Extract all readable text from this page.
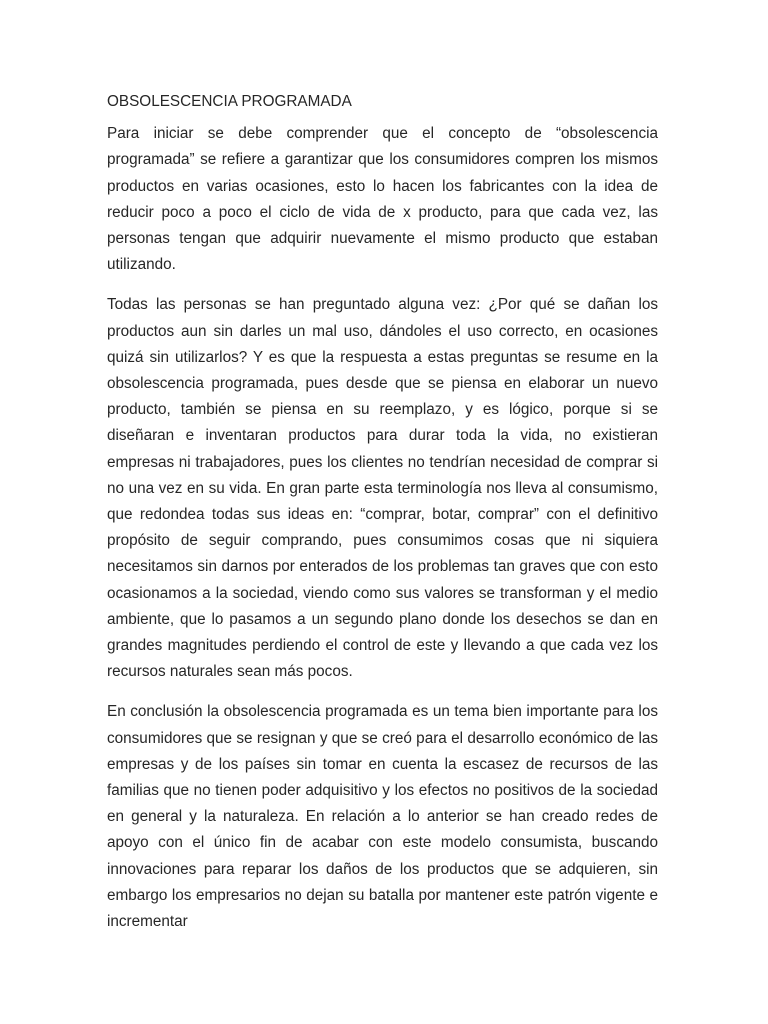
OBSOLESCENCIA PROGRAMADA

Para iniciar se debe comprender que el concepto de “obsolescencia programada” se refiere a garantizar que los consumidores compren los mismos productos en varias ocasiones, esto lo hacen los fabricantes con la idea de reducir poco a poco el ciclo de vida de x producto, para que cada vez, las personas tengan que adquirir nuevamente el mismo producto que estaban utilizando.

Todas las personas se han preguntado alguna vez: ¿Por qué se dañan los productos aun sin darles un mal uso, dándoles el uso correcto, en ocasiones quizá sin utilizarlos? Y es que la respuesta a estas preguntas se resume en la obsolescencia programada, pues desde que se piensa en elaborar un nuevo producto, también se piensa en su reemplazo, y es lógico, porque si se diseñaran e inventaran productos para durar toda la vida, no existieran empresas ni trabajadores, pues los clientes no tendrían necesidad de comprar si no una vez en su vida. En gran parte esta terminología nos lleva al consumismo, que redondea todas sus ideas en: “comprar, botar, comprar” con el definitivo propósito de seguir comprando, pues consumimos cosas que ni siquiera necesitamos sin darnos por enterados de los problemas tan graves que con esto ocasionamos a la sociedad, viendo como sus valores se transforman y el medio ambiente, que lo pasamos a un segundo plano donde los desechos se dan en grandes magnitudes perdiendo el control de este y llevando a que cada vez los recursos naturales sean más pocos.

En conclusión la obsolescencia programada es un tema bien importante para los consumidores que se resignan y que se creó para el desarrollo económico de las empresas y de los países sin tomar en cuenta la escasez de recursos de las familias que no tienen poder adquisitivo y los efectos no positivos de la sociedad en general y la naturaleza. En relación a lo anterior se han creado redes de apoyo con el único fin de acabar con este modelo consumista, buscando innovaciones para reparar los daños de los productos que se adquieren, sin embargo los empresarios no dejan su batalla por mantener este patrón vigente e incrementar
